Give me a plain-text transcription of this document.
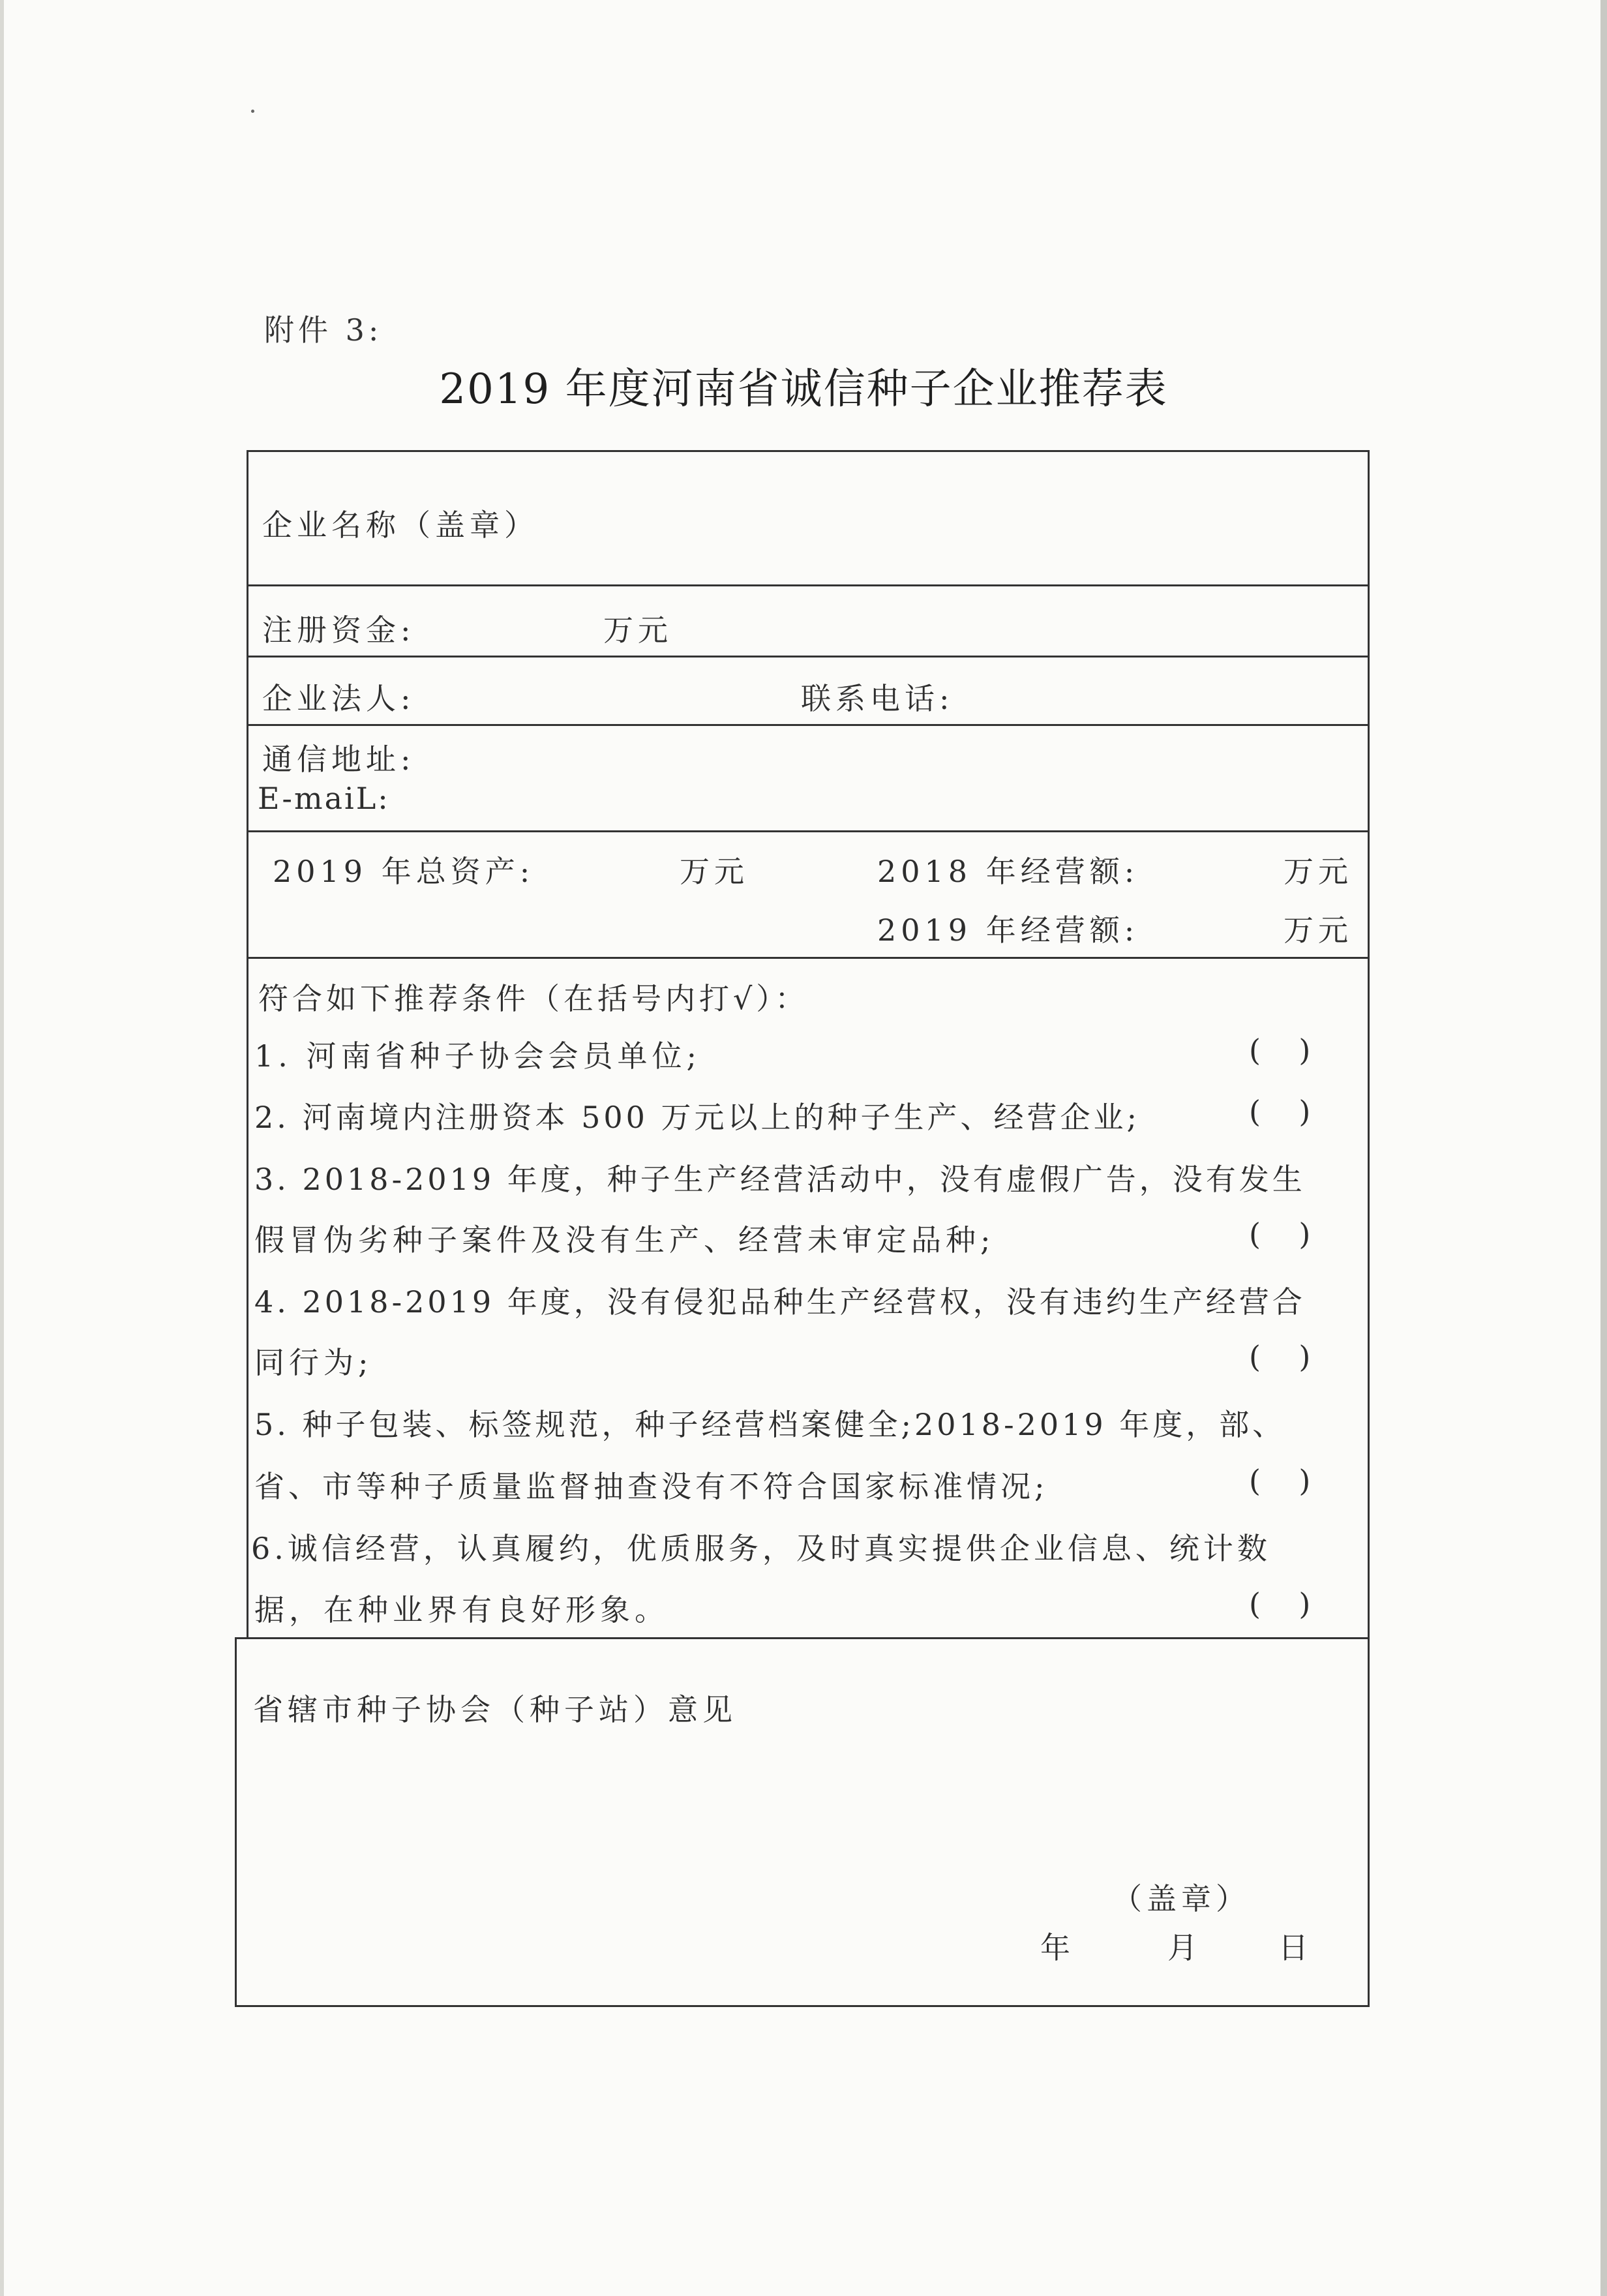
附件 3:
2019 年度河南省诚信种子企业推荐表
企业名称（盖章）
注册资金:	万元
企业法人:	联系电话:
通信地址:
E-maiL:
2019 年总资产:	万元	2018 年经营额:	万元
2019 年经营额:	万元
符合如下推荐条件（在括号内打√）：
1. 河南省种子协会会员单位;	(    )
2. 河南境内注册资本 500 万元以上的种子生产、经营企业;	(    )
3. 2018-2019 年度，种子生产经营活动中，没有虚假广告，没有发生
假冒伪劣种子案件及没有生产、经营未审定品种;	(    )
4. 2018-2019 年度，没有侵犯品种生产经营权，没有违约生产经营合
同行为;	(    )
5. 种子包装、标签规范，种子经营档案健全;2018-2019 年度，部、
省、市等种子质量监督抽查没有不符合国家标准情况;	(    )
6.诚信经营，认真履约，优质服务，及时真实提供企业信息、统计数
据，在种业界有良好形象。	(    )
省辖市种子协会（种子站）意见
（盖章）
年	月	日
